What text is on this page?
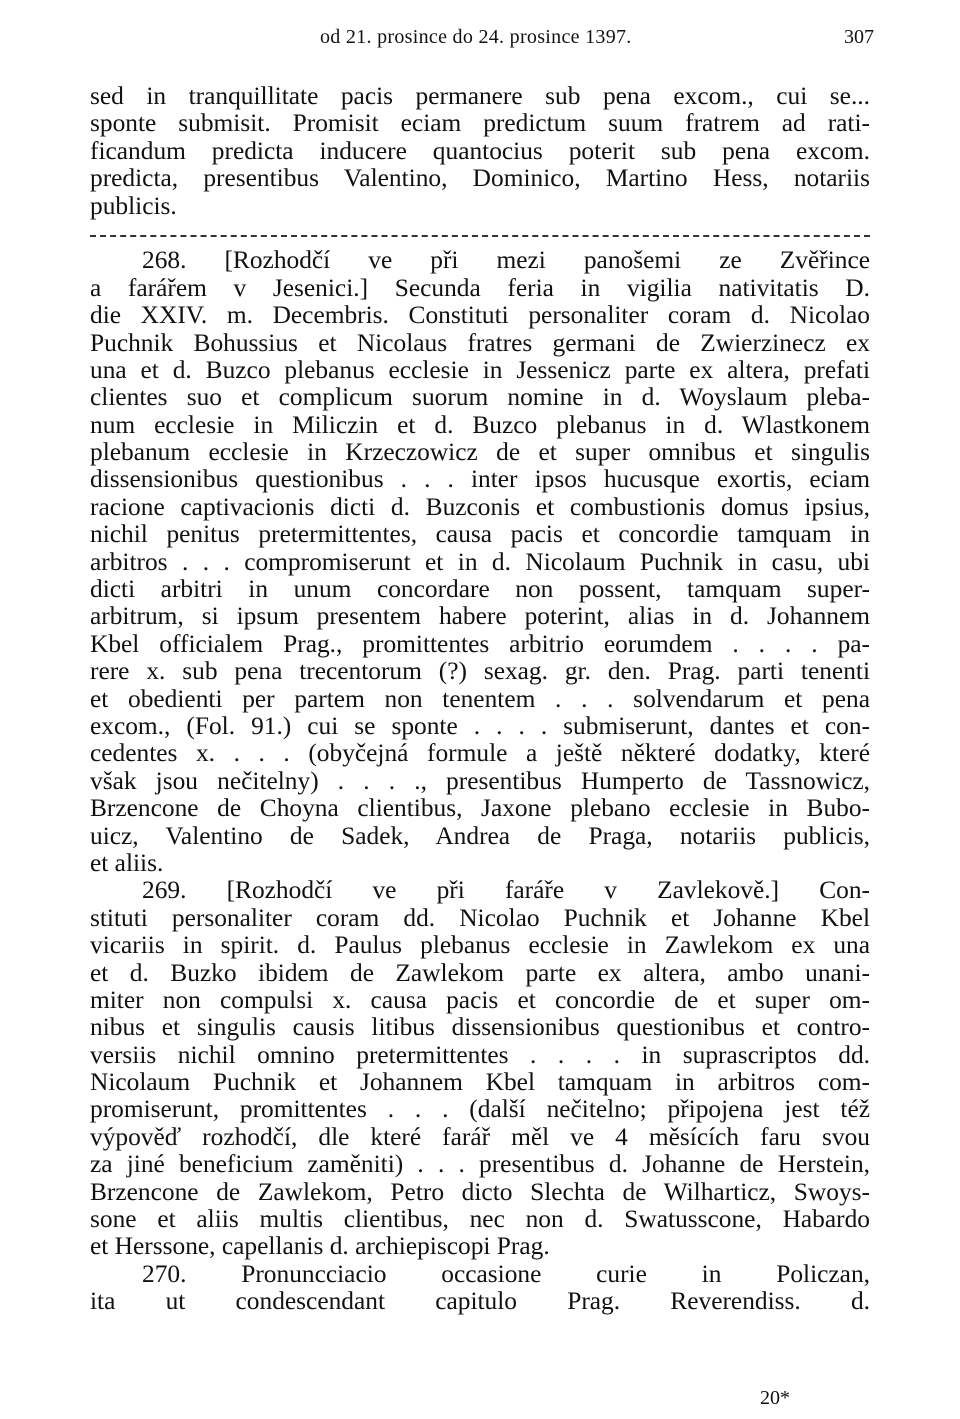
od 21. prosince do 24. prosince 1397.	307
sed in tranquillitate pacis permanere sub pena excom., cui se...
sponte submisit. Promisit eciam predictum suum fratrem ad rati-
ficandum predicta inducere quantocius poterit sub pena excom.
predicta, presentibus Valentino, Dominico, Martino Hess, notariis
publicis.
268. [Rozhodčí ve při mezi panošemi ze Zvěřince
a farářem v Jesenici.] Secunda feria in vigilia nativitatis D.
die XXIV. m. Decembris. Constituti personaliter coram d. Nicolao
Puchnik Bohussius et Nicolaus fratres germani de Zwierzinecz ex
una et d. Buzco plebanus ecclesie in Jessenicz parte ex altera, prefati
clientes suo et complicum suorum nomine in d. Woyslaum pleba-
num ecclesie in Miliczin et d. Buzco plebanus in d. Wlastkonem
plebanum ecclesie in Krzeczowicz de et super omnibus et singulis
dissensionibus questionibus . . . inter ipsos hucusque exortis, eciam
racione captivacionis dicti d. Buzconis et combustionis domus ipsius,
nichil penitus pretermittentes, causa pacis et concordie tamquam in
arbitros . . . compromiserunt et in d. Nicolaum Puchnik in casu, ubi
dicti arbitri in unum concordare non possent, tamquam super-
arbitrum, si ipsum presentem habere poterint, alias in d. Johannem
Kbel officialem Prag., promittentes arbitrio eorumdem . . . . pa-
rere x. sub pena trecentorum (?) sexag. gr. den. Prag. parti tenenti
et obedienti per partem non tenentem . . . solvendarum et pena
excom., (Fol. 91.) cui se sponte . . . . submiserunt, dantes et con-
cedentes x. . . . (obyčejná formule a ještě některé dodatky, které
však jsou nečitelny) . . . ., presentibus Humperto de Tassnowicz,
Brzencone de Choyna clientibus, Jaxone plebano ecclesie in Bubo-
uicz, Valentino de Sadek, Andrea de Praga, notariis publicis,
et aliis.
269. [Rozhodčí ve při faráře v Zavlekově.] Con-
stituti personaliter coram dd. Nicolao Puchnik et Johanne Kbel
vicariis in spirit. d. Paulus plebanus ecclesie in Zawlekom ex una
et d. Buzko ibidem de Zawlekom parte ex altera, ambo unani-
miter non compulsi x. causa pacis et concordie de et super om-
nibus et singulis causis litibus dissensionibus questionibus et contro-
versiis nichil omnino pretermittentes . . . . in suprascriptos dd.
Nicolaum Puchnik et Johannem Kbel tamquam in arbitros com-
promiserunt, promittentes . . . (další nečitelno; připojena jest též
výpověď rozhodčí, dle které farář měl ve 4 měsících faru svou
za jiné beneficium zaměniti) . . . presentibus d. Johanne de Herstein,
Brzencone de Zawlekom, Petro dicto Slechta de Wilharticz, Swoys-
sone et aliis multis clientibus, nec non d. Swatusscone, Habardo
et Herssone, capellanis d. archiepiscopi Prag.
270. Pronuncciacio occasione curie in Policzan,
ita ut condescendant capitulo Prag. Reverendiss. d.
20*
